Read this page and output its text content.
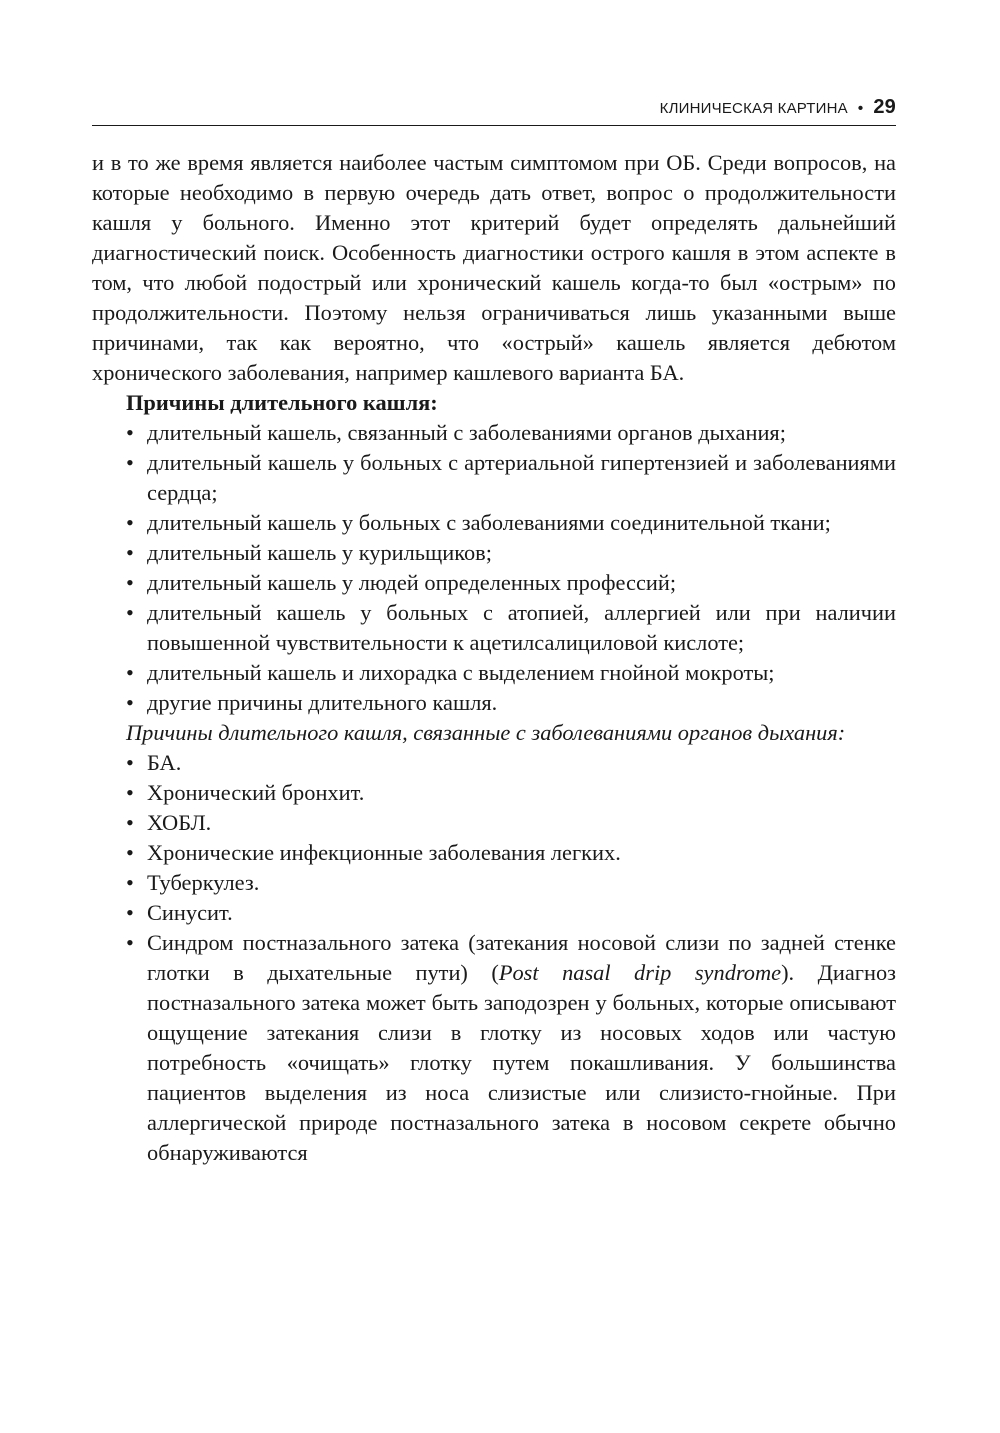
КЛИНИЧЕСКАЯ КАРТИНА • 29

и в то же время является наиболее частым симптомом при ОБ. Среди вопросов, на которые необходимо в первую очередь дать ответ, вопрос о продолжительности кашля у больного. Именно этот критерий будет определять дальнейший диагностический поиск. Особенность диагностики острого кашля в этом аспекте в том, что любой подострый или хронический кашель когда-то был «острым» по продолжительности. Поэтому нельзя ограничиваться лишь указанными выше причинами, так как вероятно, что «острый» кашель является дебютом хронического заболевания, например кашлевого варианта БА.

Причины длительного кашля:

• длительный кашель, связанный с заболеваниями органов дыхания;
• длительный кашель у больных с артериальной гипертензией и заболеваниями сердца;
• длительный кашель у больных с заболеваниями соединительной ткани;
• длительный кашель у курильщиков;
• длительный кашель у людей определенных профессий;
• длительный кашель у больных с атопией, аллергией или при наличии повышенной чувствительности к ацетилсалициловой кислоте;
• длительный кашель и лихорадка с выделением гнойной мокроты;
• другие причины длительного кашля.

Причины длительного кашля, связанные с заболеваниями органов дыхания:

• БА.
• Хронический бронхит.
• ХОБЛ.
• Хронические инфекционные заболевания легких.
• Туберкулез.
• Синусит.
• Синдром постназального затека (затекания носовой слизи по задней стенке глотки в дыхательные пути) (Post nasal drip syndrome). Диагноз постназального затека может быть заподозрен у больных, которые описывают ощущение затекания слизи в глотку из носовых ходов или частую потребность «очищать» глотку путем покашливания. У большинства пациентов выделения из носа слизистые или слизисто-гнойные. При аллергической природе постназального затека в носовом секрете обычно обнаруживаются
